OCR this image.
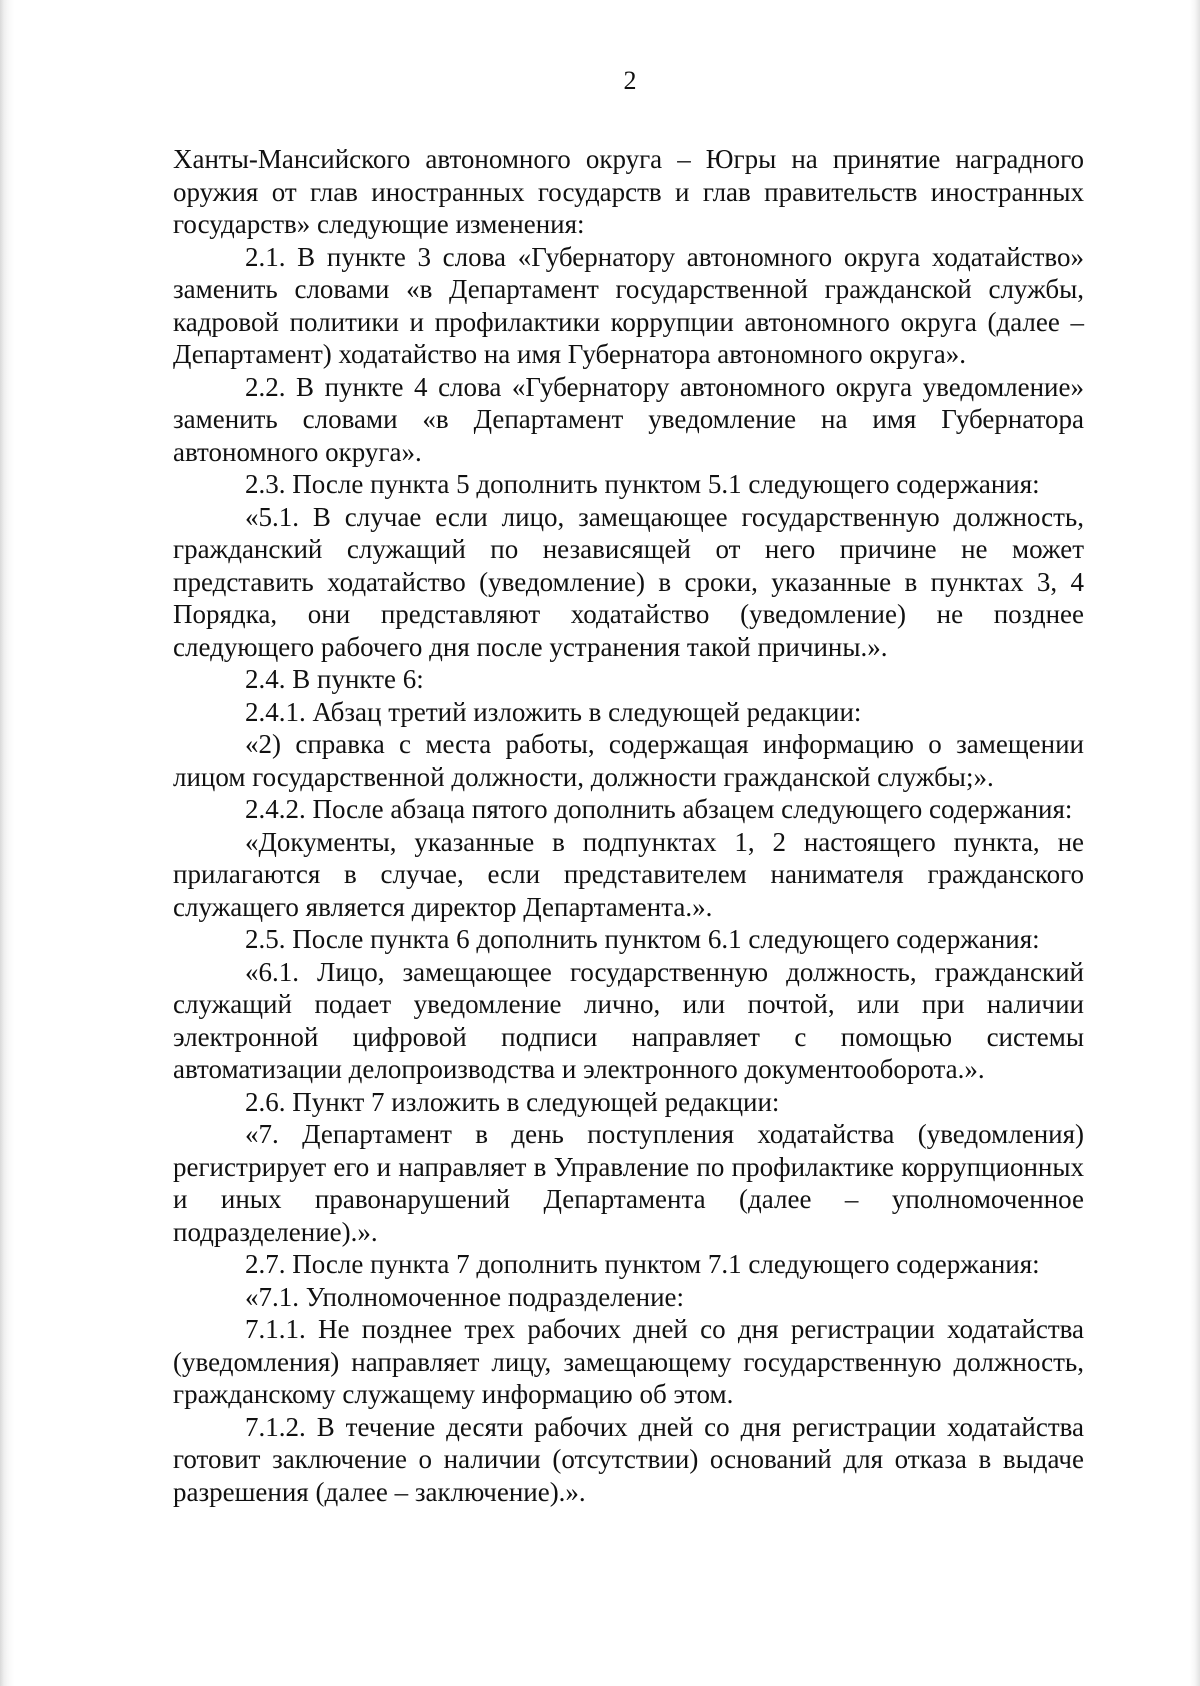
2

Ханты-Мансийского автономного округа – Югры на принятие наградного оружия от глав иностранных государств и глав правительств иностранных государств» следующие изменения:

2.1. В пункте 3 слова «Губернатору автономного округа ходатайство» заменить словами «в Департамент государственной гражданской службы, кадровой политики и профилактики коррупции автономного округа (далее – Департамент) ходатайство на имя Губернатора автономного округа».

2.2. В пункте 4 слова «Губернатору автономного округа уведомление» заменить словами «в Департамент уведомление на имя Губернатора автономного округа».

2.3. После пункта 5 дополнить пунктом 5.1 следующего содержания:

«5.1. В случае если лицо, замещающее государственную должность, гражданский служащий по независящей от него причине не может представить ходатайство (уведомление) в сроки, указанные в пунктах 3, 4 Порядка, они представляют ходатайство (уведомление) не позднее следующего рабочего дня после устранения такой причины.».

2.4. В пункте 6:

2.4.1. Абзац третий изложить в следующей редакции:

«2) справка с места работы, содержащая информацию о замещении лицом государственной должности, должности гражданской службы;».

2.4.2. После абзаца пятого дополнить абзацем следующего содержания:

«Документы, указанные в подпунктах 1, 2 настоящего пункта, не прилагаются в случае, если представителем нанимателя гражданского служащего является директор Департамента.».

2.5. После пункта 6 дополнить пунктом 6.1 следующего содержания:

«6.1. Лицо, замещающее государственную должность, гражданский служащий подает уведомление лично, или почтой, или при наличии электронной цифровой подписи направляет с помощью системы автоматизации делопроизводства и электронного документооборота.».

2.6. Пункт 7 изложить в следующей редакции:

«7. Департамент в день поступления ходатайства (уведомления) регистрирует его и направляет в Управление по профилактике коррупционных и иных правонарушений Департамента (далее – уполномоченное подразделение).».

2.7. После пункта 7 дополнить пунктом 7.1 следующего содержания:

«7.1. Уполномоченное подразделение:

7.1.1. Не позднее трех рабочих дней со дня регистрации ходатайства (уведомления) направляет лицу, замещающему государственную должность, гражданскому служащему информацию об этом.

7.1.2. В течение десяти рабочих дней со дня регистрации ходатайства готовит заключение о наличии (отсутствии) оснований для отказа в выдаче разрешения (далее – заключение).».
